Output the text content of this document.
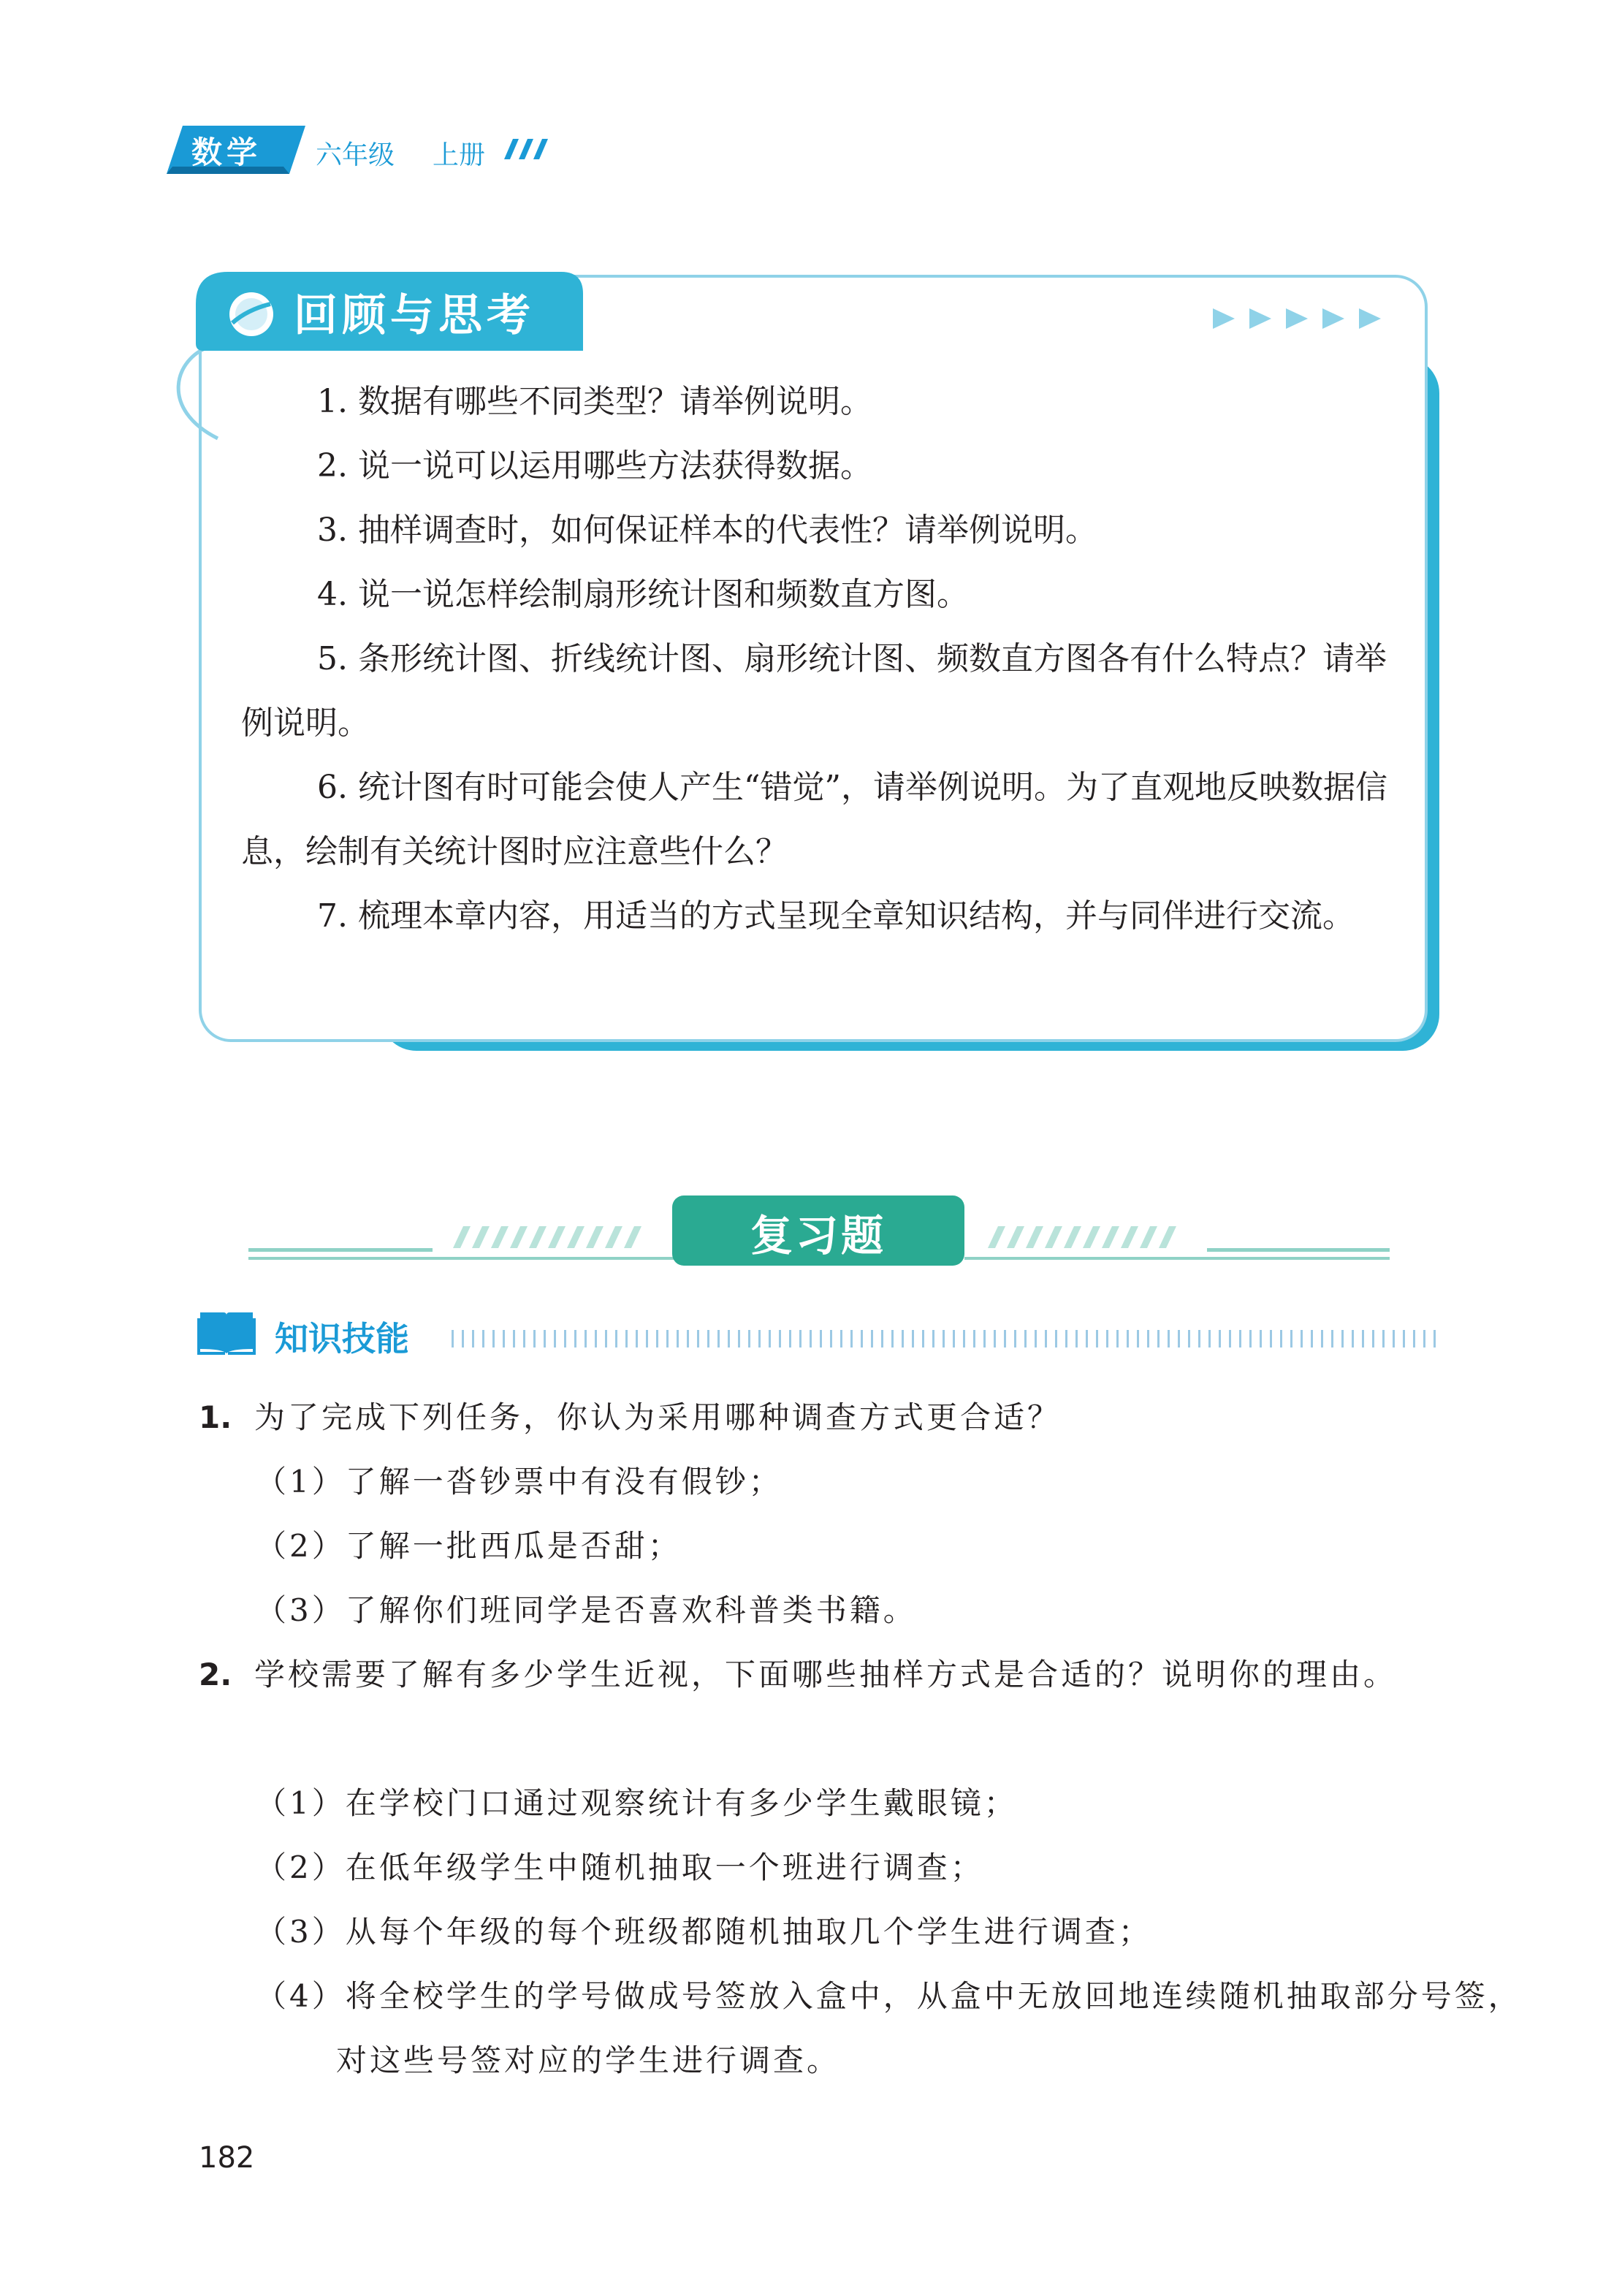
数学 六年级 上册
回顾与思考
1. 数据有哪些不同类型？请举例说明。
2. 说一说可以运用哪些方法获得数据。
3. 抽样调查时，如何保证样本的代表性？请举例说明。
4. 说一说怎样绘制扇形统计图和频数直方图。
5. 条形统计图、折线统计图、扇形统计图、频数直方图各有什么特点？请举例说明。
6. 统计图有时可能会使人产生“错觉”，请举例说明。为了直观地反映数据信息，绘制有关统计图时应注意些什么？
7. 梳理本章内容，用适当的方式呈现全章知识结构，并与同伴进行交流。
复习题
知识技能
1. 为了完成下列任务，你认为采用哪种调查方式更合适？
（1）了解一沓钞票中有没有假钞；
（2）了解一批西瓜是否甜；
（3）了解你们班同学是否喜欢科普类书籍。
2. 学校需要了解有多少学生近视，下面哪些抽样方式是合适的？说明你的理由。
（1）在学校门口通过观察统计有多少学生戴眼镜；
（2）在低年级学生中随机抽取一个班进行调查；
（3）从每个年级的每个班级都随机抽取几个学生进行调查；
（4）将全校学生的学号做成号签放入盒中，从盒中无放回地连续随机抽取部分号签，对这些号签对应的学生进行调查。
182
